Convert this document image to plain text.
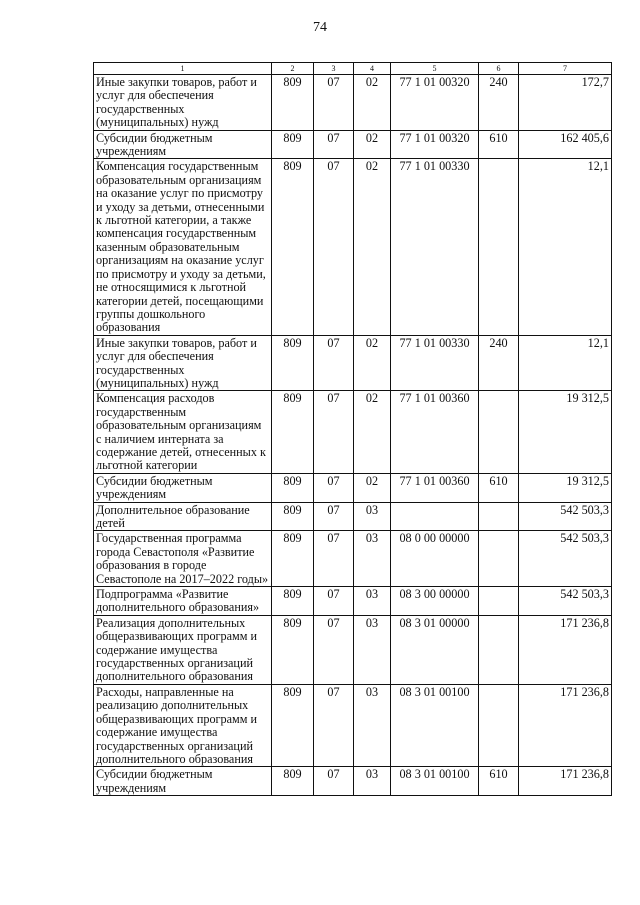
74
1	2	3	4	5	6	7
Иные закупки товаров, работ и услуг для обеспечения государственных (муниципальных) нужд	809	07	02	77 1 01 00320	240	172,7
Субсидии бюджетным учреждениям	809	07	02	77 1 01 00320	610	162 405,6
Компенсация государственным образовательным организациям на оказание услуг по присмотру и уходу за детьми, отнесенными к льготной категории, а также компенсация государственным казенным образовательным организациям на оказание услуг по присмотру и уходу за детьми, не относящимися к льготной категории детей, посещающими группы дошкольного образования	809	07	02	77 1 01 00330		12,1
Иные закупки товаров, работ и услуг для обеспечения государственных (муниципальных) нужд	809	07	02	77 1 01 00330	240	12,1
Компенсация расходов государственным образовательным организациям с наличием интерната за содержание детей, отнесенных к льготной категории	809	07	02	77 1 01 00360		19 312,5
Субсидии бюджетным учреждениям	809	07	02	77 1 01 00360	610	19 312,5
Дополнительное образование детей	809	07	03			542 503,3
Государственная программа города Севастополя «Развитие образования в городе Севастополе на 2017–2022 годы»	809	07	03	08 0 00 00000		542 503,3
Подпрограмма «Развитие дополнительного образования»	809	07	03	08 3 00 00000		542 503,3
Реализация дополнительных общеразвивающих программ и содержание имущества государственных организаций дополнительного образования	809	07	03	08 3 01 00000		171 236,8
Расходы, направленные на реализацию дополнительных общеразвивающих программ и содержание имущества государственных организаций дополнительного образования	809	07	03	08 3 01 00100		171 236,8
Субсидии бюджетным учреждениям	809	07	03	08 3 01 00100	610	171 236,8
